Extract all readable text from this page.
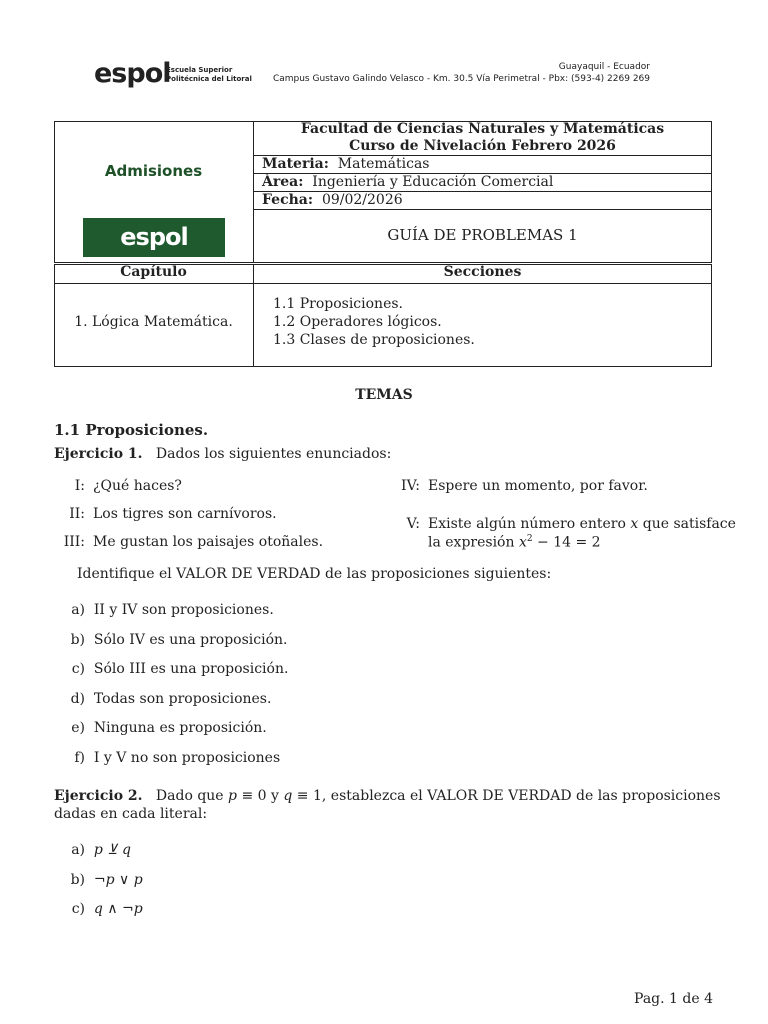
espol
Escuela Superior
Politécnica del Litoral
Guayaquil - Ecuador
Campus Gustavo Galindo Velasco - Km. 30.5 Vía Perimetral - Pbx: (593-4) 2269 269
Admisiones
espol
Facultad de Ciencias Naturales y Matemáticas
Curso de Nivelación Febrero 2026
Materia: Matemáticas
Área: Ingeniería y Educación Comercial
Fecha: 09/02/2026
GUÍA DE PROBLEMAS 1
Capítulo	Secciones
1. Lógica Matemática.
1.1 Proposiciones.
1.2 Operadores lógicos.
1.3 Clases de proposiciones.
TEMAS
1.1 Proposiciones.
Ejercicio 1. Dados los siguientes enunciados:
I: ¿Qué haces?
II: Los tigres son carnívoros.
III: Me gustan los paisajes otoñales.
IV: Espere un momento, por favor.
V: Existe algún número entero x que satisface
la expresión $x^2 - 14 = 2$
Identifique el VALOR DE VERDAD de las proposiciones siguientes:
a) II y IV son proposiciones.
b) Sólo IV es una proposición.
c) Sólo III es una proposición.
d) Todas son proposiciones.
e) Ninguna es proposición.
f) I y V no son proposiciones
Ejercicio 2. Dado que p ≡ 0 y q ≡ 1, establezca el VALOR DE VERDAD de las proposiciones
dadas en cada literal:
a) p ⊻ q
b) ¬p ∨ p
c) q ∧ ¬p
Pag. 1 de 4
